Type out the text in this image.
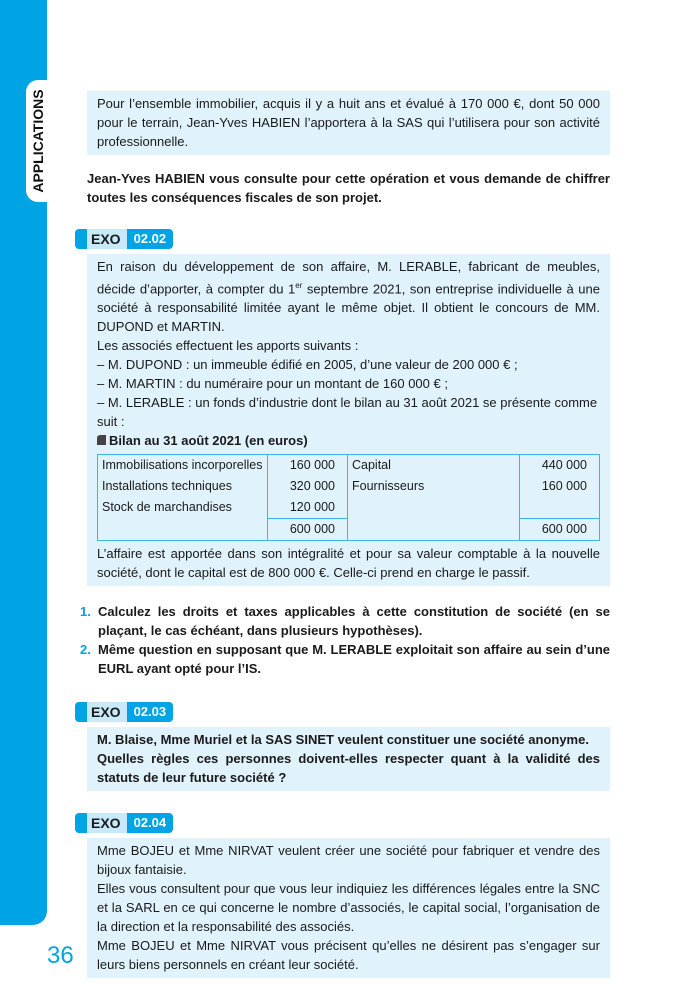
APPLICATIONS
36
Pour l’ensemble immobilier, acquis il y a huit ans et évalué à 170 000 €, dont 50 000 pour le terrain, Jean-Yves HABIEN l’apportera à la SAS qui l’utilisera pour son activité professionnelle.
Jean-Yves HABIEN vous consulte pour cette opération et vous demande de chiffrer toutes les conséquences fiscales de son projet.
EXO	02.02
En raison du développement de son affaire, M. LERABLE, fabricant de meubles, décide d’apporter, à compter du 1er septembre 2021, son entreprise individuelle à une société à responsabilité limitée ayant le même objet. Il obtient le concours de MM. DUPOND et MARTIN.
Les associés effectuent les apports suivants :
– M. DUPOND : un immeuble édifié en 2005, d’une valeur de 200 000 € ;
– M. MARTIN : du numéraire pour un montant de 160 000 € ;
– M. LERABLE : un fonds d’industrie dont le bilan au 31 août 2021 se présente comme suit :
Bilan au 31 août 2021 (en euros)
Immobilisations incorporelles	160 000	Capital	440 000
Installations techniques	320 000	Fournisseurs	160 000
Stock de marchandises	120 000		
	600 000		600 000
L’affaire est apportée dans son intégralité et pour sa valeur comptable à la nouvelle société, dont le capital est de 800 000 €. Celle-ci prend en charge le passif.
1. Calculez les droits et taxes applicables à cette constitution de société (en se plaçant, le cas échéant, dans plusieurs hypothèses).
2. Même question en supposant que M. LERABLE exploitait son affaire au sein d’une EURL ayant opté pour l’IS.
EXO	02.03
M. Blaise, Mme Muriel et la SAS SINET veulent constituer une société anonyme.
Quelles règles ces personnes doivent-elles respecter quant à la validité des statuts de leur future société ?
EXO	02.04
Mme BOJEU et Mme NIRVAT veulent créer une société pour fabriquer et vendre des bijoux fantaisie.
Elles vous consultent pour que vous leur indiquiez les différences légales entre la SNC et la SARL en ce qui concerne le nombre d’associés, le capital social, l’organisation de la direction et la responsabilité des associés.
Mme BOJEU et Mme NIRVAT vous précisent qu’elles ne désirent pas s’engager sur leurs biens personnels en créant leur société.
